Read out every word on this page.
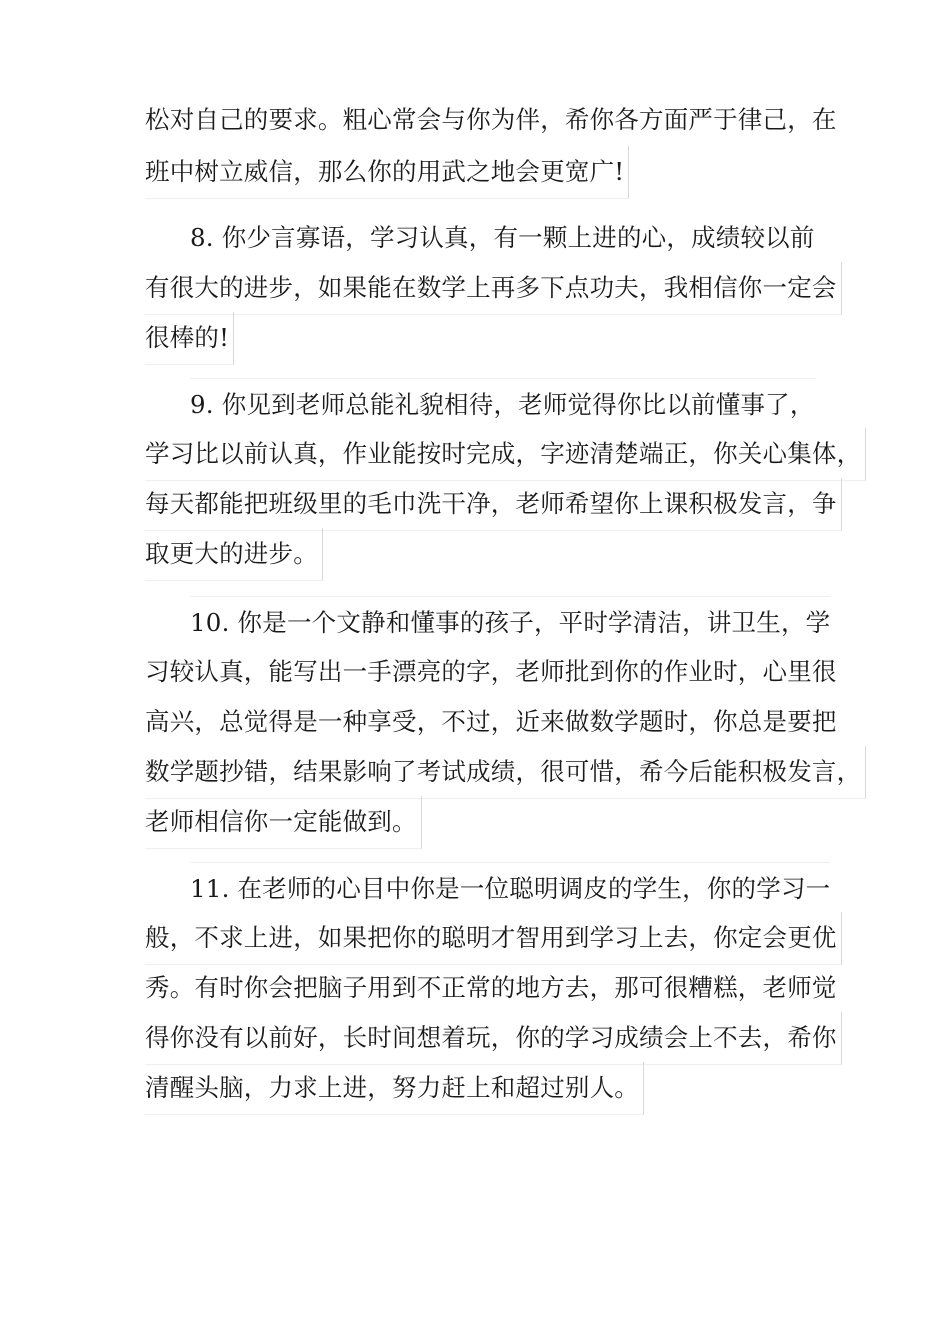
松对自己的要求。粗心常会与你为伴，希你各方面严于律己，在
班中树立威信，那么你的用武之地会更宽广!
8. 你少言寡语，学习认真，有一颗上进的心，成绩较以前
有很大的进步，如果能在数学上再多下点功夫，我相信你一定会
很棒的!
9. 你见到老师总能礼貌相待，老师觉得你比以前懂事了，
学习比以前认真，作业能按时完成，字迹清楚端正，你关心集体，
每天都能把班级里的毛巾洗干净，老师希望你上课积极发言，争
取更大的进步。
10. 你是一个文静和懂事的孩子，平时学清洁，讲卫生，学
习较认真，能写出一手漂亮的字，老师批到你的作业时，心里很
高兴，总觉得是一种享受，不过，近来做数学题时，你总是要把
数学题抄错，结果影响了考试成绩，很可惜，希今后能积极发言，
老师相信你一定能做到。
11. 在老师的心目中你是一位聪明调皮的学生，你的学习一
般，不求上进，如果把你的聪明才智用到学习上去，你定会更优
秀。有时你会把脑子用到不正常的地方去，那可很糟糕，老师觉
得你没有以前好，长时间想着玩，你的学习成绩会上不去，希你
清醒头脑，力求上进，努力赶上和超过别人。
